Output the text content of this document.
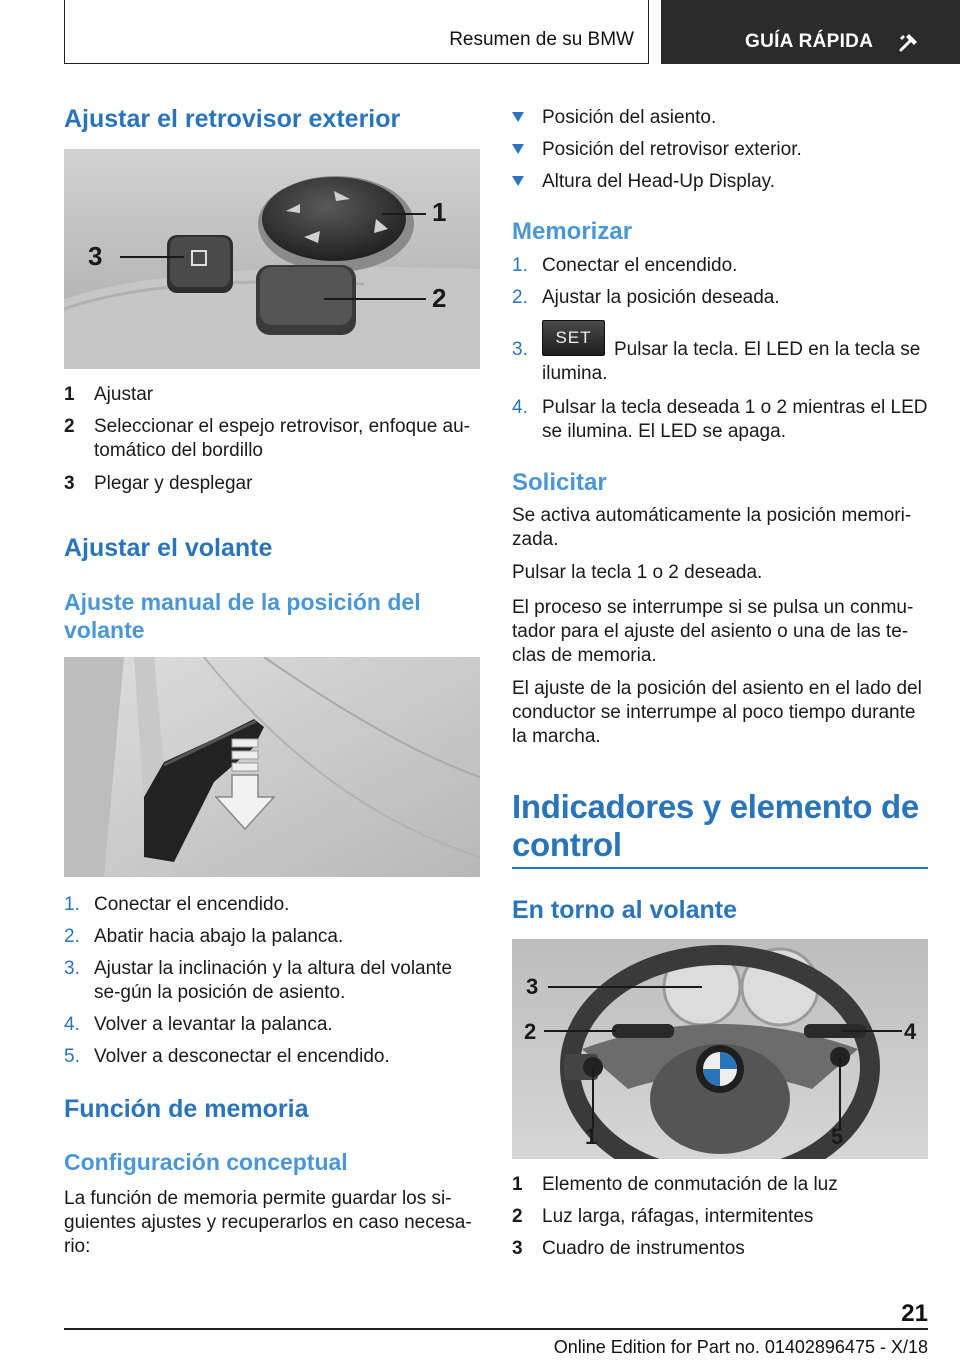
Resumen de su BMW	GUÍA RÁPIDA
Ajustar el retrovisor exterior
1
2
3
1 Ajustar
2 Seleccionar el espejo retrovisor, enfoque au-tomático del bordillo
3 Plegar y desplegar
Ajustar el volante
Ajuste manual de la posición del volante
1. Conectar el encendido.
2. Abatir hacia abajo la palanca.
3. Ajustar la inclinación y la altura del volante se-gún la posición de asiento.
4. Volver a levantar la palanca.
5. Volver a desconectar el encendido.
Función de memoria
Configuración conceptual
La función de memoria permite guardar los si-guientes ajustes y recuperarlos en caso necesa-rio:
Posición del asiento.
Posición del retrovisor exterior.
Altura del Head-Up Display.
Memorizar
1. Conectar el encendido.
2. Ajustar la posición deseada.
3.
SET
Pulsar la tecla. El LED en la tecla se ilumina.
4. Pulsar la tecla deseada 1 o 2 mientras el LED se ilumina. El LED se apaga.
Solicitar
Se activa automáticamente la posición memori-zada.
Pulsar la tecla 1 o 2 deseada.
El proceso se interrumpe si se pulsa un conmu-tador para el ajuste del asiento o una de las te-clas de memoria.
El ajuste de la posición del asiento en el lado del conductor se interrumpe al poco tiempo durante la marcha.
Indicadores y elemento de control
En torno al volante
1
2
3
4
5
1 Elemento de conmutación de la luz
2 Luz larga, ráfagas, intermitentes
3 Cuadro de instrumentos
21
Online Edition for Part no. 01402896475 - X/18
